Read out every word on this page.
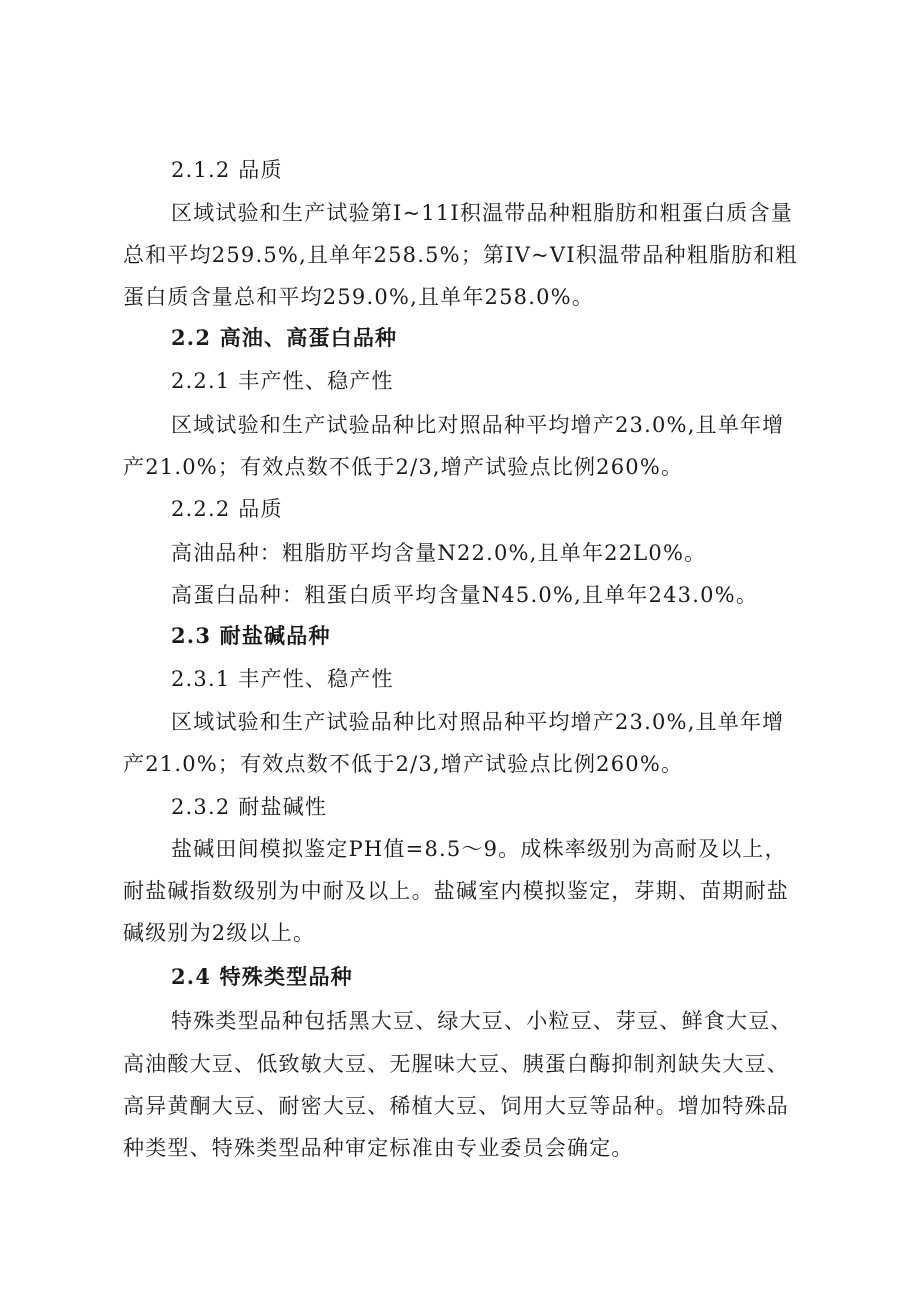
2.1.2 品质
区域试验和生产试验第I~11I积温带品种粗脂肪和粗蛋白质含量
总和平均259.5%,且单年258.5%；第IV~VI积温带品种粗脂肪和粗
蛋白质含量总和平均259.0%,且单年258.0%。
2.2 高油、高蛋白品种
2.2.1 丰产性、稳产性
区域试验和生产试验品种比对照品种平均增产23.0%,且单年增
产21.0%；有效点数不低于2/3,增产试验点比例260%。
2.2.2 品质
高油品种：粗脂肪平均含量N22.0%,且单年22L0%。
高蛋白品种：粗蛋白质平均含量N45.0%,且单年243.0%。
2.3 耐盐碱品种
2.3.1 丰产性、稳产性
区域试验和生产试验品种比对照品种平均增产23.0%,且单年增
产21.0%；有效点数不低于2/3,增产试验点比例260%。
2.3.2 耐盐碱性
盐碱田间模拟鉴定PH值=8.5～9。成株率级别为高耐及以上，
耐盐碱指数级别为中耐及以上。盐碱室内模拟鉴定，芽期、苗期耐盐
碱级别为2级以上。
2.4 特殊类型品种
特殊类型品种包括黑大豆、绿大豆、小粒豆、芽豆、鲜食大豆、
高油酸大豆、低致敏大豆、无腥味大豆、胰蛋白酶抑制剂缺失大豆、
高异黄酮大豆、耐密大豆、稀植大豆、饲用大豆等品种。增加特殊品
种类型、特殊类型品种审定标准由专业委员会确定。
